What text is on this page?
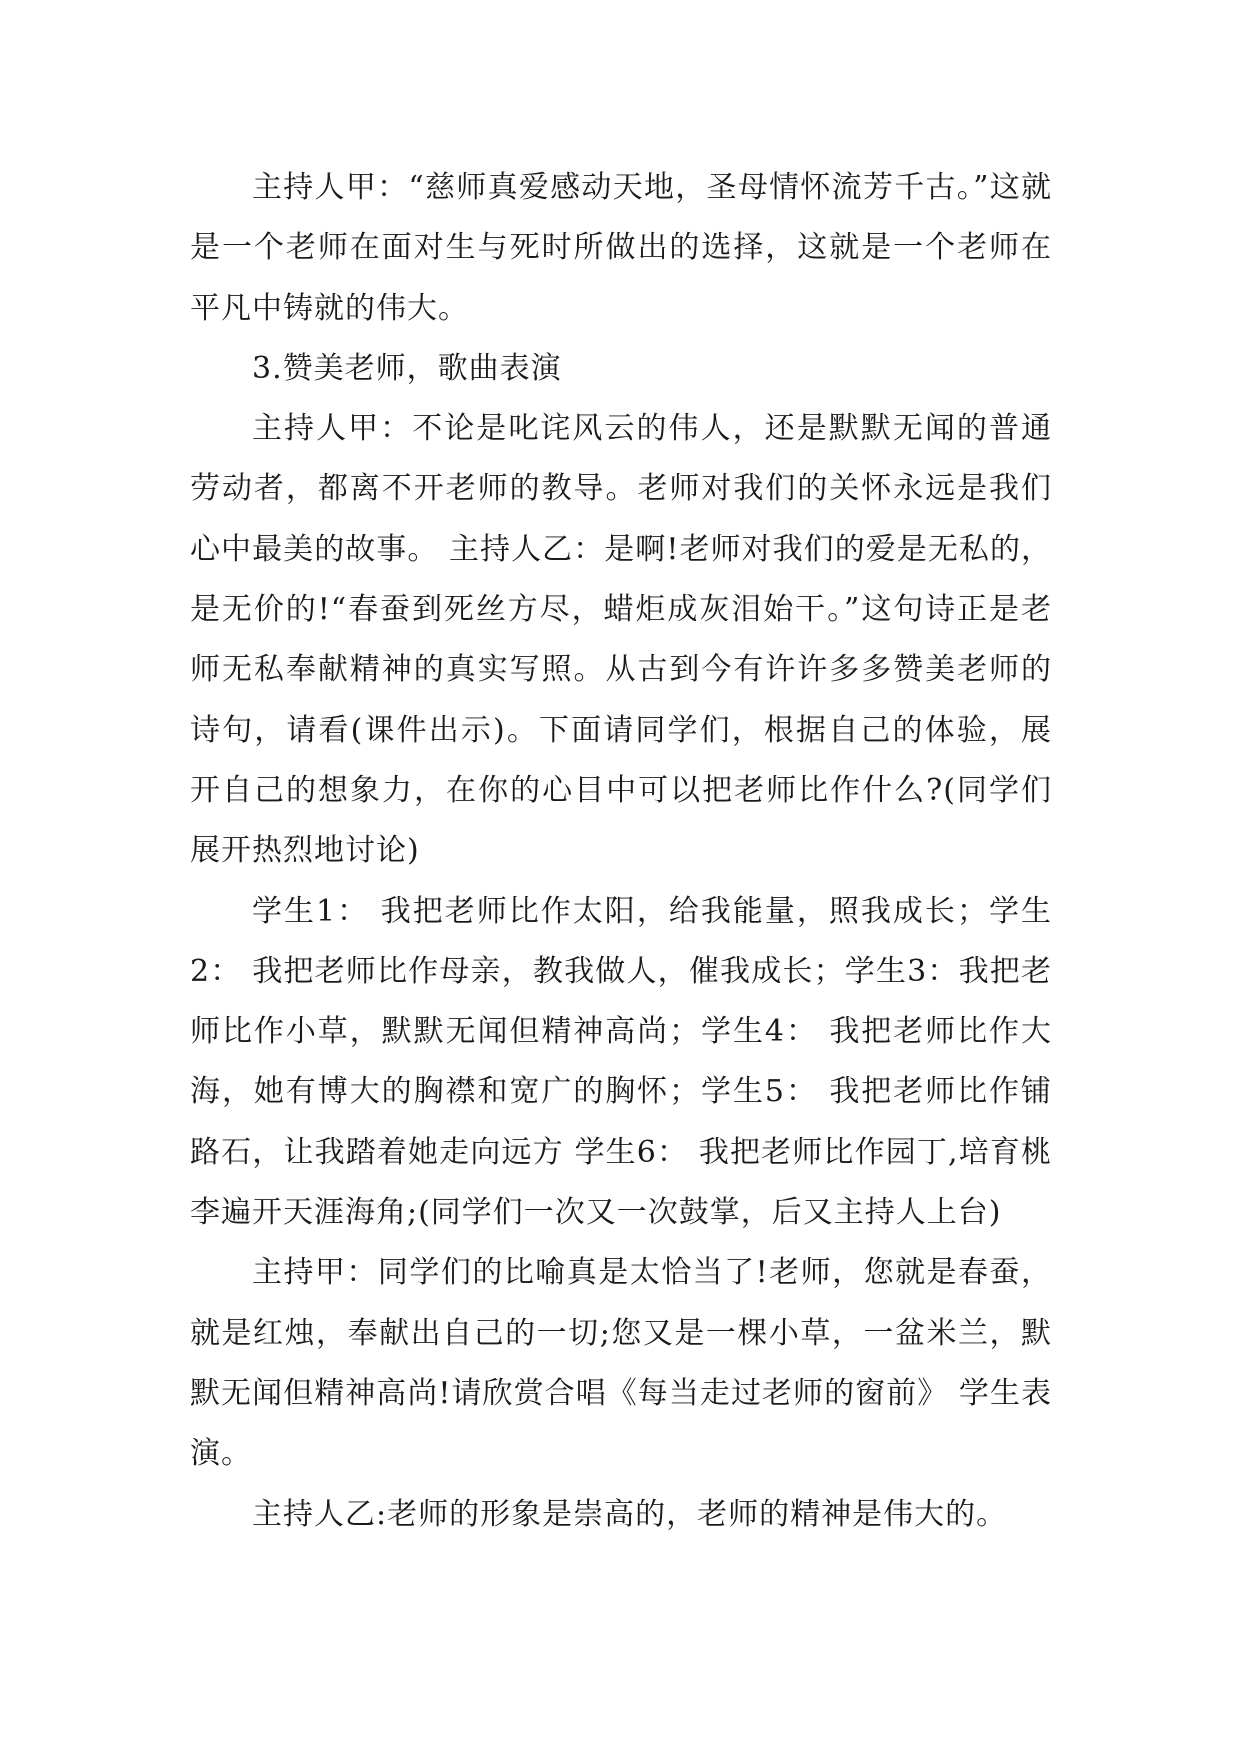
主持人甲：“慈师真爱感动天地，圣母情怀流芳千古。”这就是一个老师在面对生与死时所做出的选择，这就是一个老师在平凡中铸就的伟大。

3.赞美老师，歌曲表演

主持人甲：不论是叱诧风云的伟人，还是默默无闻的普通劳动者，都离不开老师的教导。老师对我们的关怀永远是我们心中最美的故事。 主持人乙：是啊!老师对我们的爱是无私的，是无价的!“春蚕到死丝方尽，蜡炬成灰泪始干。”这句诗正是老师无私奉献精神的真实写照。从古到今有许许多多赞美老师的诗句，请看(课件出示)。下面请同学们，根据自己的体验，展开自己的想象力，在你的心目中可以把老师比作什么?(同学们展开热烈地讨论)

学生1： 我把老师比作太阳，给我能量，照我成长；学生2： 我把老师比作母亲，教我做人，催我成长；学生3：我把老师比作小草，默默无闻但精神高尚；学生4： 我把老师比作大海，她有博大的胸襟和宽广的胸怀；学生5： 我把老师比作铺路石，让我踏着她走向远方 学生6： 我把老师比作园丁,培育桃李遍开天涯海角;(同学们一次又一次鼓掌，后又主持人上台)

主持甲：同学们的比喻真是太恰当了!老师，您就是春蚕，就是红烛，奉献出自己的一切;您又是一棵小草，一盆米兰，默默无闻但精神高尚!请欣赏合唱《每当走过老师的窗前》 学生表演。

主持人乙:老师的形象是崇高的，老师的精神是伟大的。
